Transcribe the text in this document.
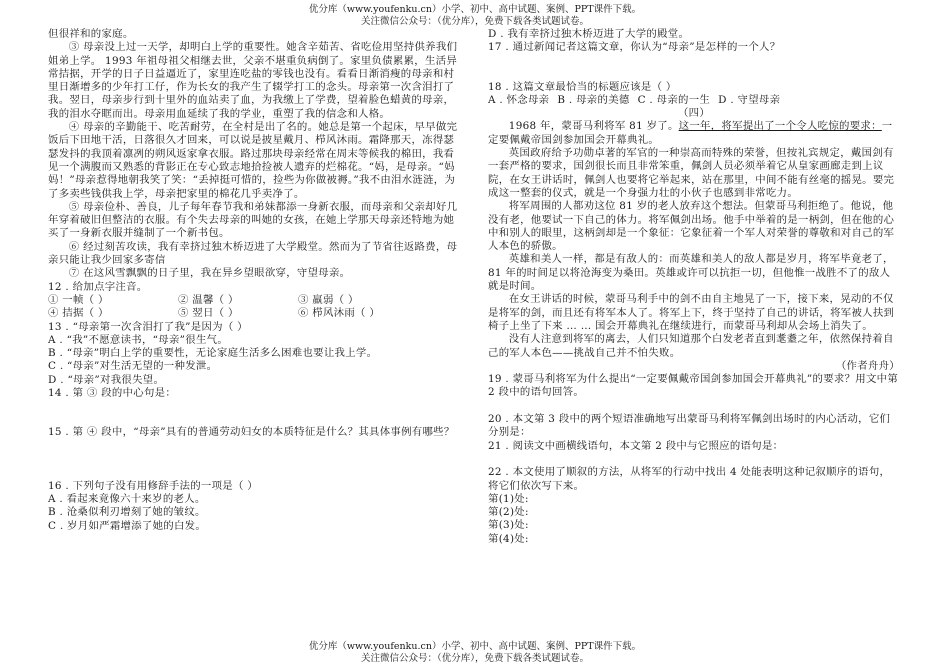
优分库（www.youfenku.cn）小学、初中、高中试题、案例、PPT课件下载。
关注微信公众号：（优分库），免费下载各类试题试卷。

但很祥和的家庭。

③ 母亲没上过一天学，却明白上学的重要性。她含辛茹苦、省吃俭用坚持供养我们姐弟上学。 1993 年祖母祖父相继去世，父亲不堪重负病倒了。家里负债累累，生活异常拮据，开学的日子日益逼近了，家里连吃盐的零钱也没有。看看日渐消瘦的母亲和村里日渐增多的少年打工仔，作为长女的我产生了辍学打工的念头。母亲第一次含泪打了我。翌日，母亲步行到十里外的血站卖了血，为我缴上了学费，望着脸色蜡黄的母亲，我的泪水夺眶而出。母亲用血延续了我的学业，重塑了我的信念和人格。

④ 母亲的辛勤能干、吃苦耐劳，在全村是出了名的。她总是第一个起床，早早做完饭后下田地干活，日落很久才回来，可以说是披星戴月、栉风沐雨。霜降那天，冻得瑟瑟发抖的我顶着凛冽的朔风返家拿衣服。路过那块母亲经常在周末等候我的棉田，我看见一个满腹而又熟悉的背影正在专心致志地拾捡被人遗弃的烂棉花。“妈，是母亲。“妈妈！”母亲惹得地朝我笑了笑：“丢掉挺可惜的，捡些为你做被褥。”我不由泪水涟涟，为了多卖些钱供我上学，母亲把家里的棉花几乎卖净了。

⑤ 母亲俭朴、善良，儿子每年春节我和弟妹都添一身新衣服，而母亲和父亲却好几年穿着破旧但整洁的衣服。有个失去母亲的叫她的女孩，在她上学那天母亲还特地为她买了一身新衣服并缝制了一个新书包。

⑥ 经过刻苦攻读，我有幸挤过独木桥迈进了大学殿堂。然而为了节省往返路费，母亲只能让我少回家多寄信

⑦ 在这风雪飘飘的日子里，我在异乡望眼欲穿，守望母亲。

12 . 给加点字注音。

① 一帧（ ）	② 温馨（ ）	③ 羸弱（ ）
④ 拮据（ ）	⑤ 翌日（ ）	⑥ 栉风沐雨（ ）

13 . “母亲第一次含泪打了我”是因为（ ）

A . “我”不愿意读书，“母亲”很生气。

B . “母亲”明白上学的重要性，无论家庭生活多么困难也要让我上学。

C . “母亲”对生活无望的一种发泄。

D . “母亲”对我很失望。

14 . 第 ③ 段的中心句是：

15 . 第 ④ 段中，“母亲”具有的普通劳动妇女的本质特征是什么？其具体事例有哪些？

16 . 下列句子没有用修辞手法的一项是（ ）

A . 看起来竟像六十来岁的老人。

B . 沧桑似利刃增刻了她的皱纹。

C . 岁月如严霜增添了她的白发。

D . 我有幸挤过独木桥迈进了大学的殿堂。

17 . 通过新闻记者这篇文章，你认为“母亲”是怎样的一个人？

18 . 这篇文章最恰当的标题应该是（ ）

A . 怀念母亲 B . 母亲的美德 C . 母亲的一生 D . 守望母亲

（四）

1968 年，蒙哥马利将军 81 岁了。这一年，将军提出了一个令人吃惊的要求：一定要佩戴帝国剑参加国会开幕典礼。

英国政府给予功勋卓著的军官的一种崇高而特殊的荣誉，但按礼宾规定，戴国剑有一套严格的要求，国剑很长而且非常笨重，佩剑人员必须举着它从皇家画廊走到上议院，在女王讲话时，佩剑人也要将它举起来，站在那里，中间不能有丝毫的摇晃。要完成这一整套的仪式，就是一个身强力壮的小伙子也感到非常吃力。

将军周围的人都劝这位 81 岁的老人放弃这个想法。但蒙哥马利拒绝了。他说，他没有老，他要试一下自己的体力。将军佩剑出场。他手中举着的是一柄剑，但在他的心中和别人的眼里，这柄剑却是一个象征：它象征着一个军人对荣誉的尊敬和对自己的军人本色的骄傲。

英雄和美人一样，都是有敌人的：而英雄和美人的敌人都是岁月，将军毕竟老了， 81 年的时间足以将沧海变为桑田。英雄或许可以抗拒一切，但他惟一战胜不了的敌人就是时间。

在女王讲话的时候，蒙哥马利手中的剑不由自主地晃了一下，接下来，晃动的不仅是将军的剑，而且还有将军本人了。将军上下，终于坚持了自己的讲话，将军被人扶到椅子上坐了下来 … … 国会开幕典礼在继续进行，而蒙哥马利却从会场上消失了。

没有人注意到将军的离去，人们只知道那个白发老者直到耄耋之年，依然保持着自己的军人本色——挑战自己并不怕失败。

（作者舟舟）

19 . 蒙哥马利将军为什么提出“一定要佩戴帝国剑参加国会开幕典礼”的要求？用文中第 2 段中的语句回答。

20 . 本文第 3 段中的两个短语准确地写出蒙哥马利将军佩剑出场时的内心活动，它们分别是：

21 . 阅读文中画横线语句，本文第 2 段中与它照应的语句是：

22 . 本文使用了顺叙的方法，从将军的行动中找出 4 处能表明这种记叙顺序的语句，将它们依次写下来。

第(1)处:

第(2)处:

第(3)处:

第(4)处:

优分库（www.youfenku.cn）小学、初中、高中试题、案例、PPT课件下载。
关注微信公众号：（优分库），免费下载各类试题试卷。
